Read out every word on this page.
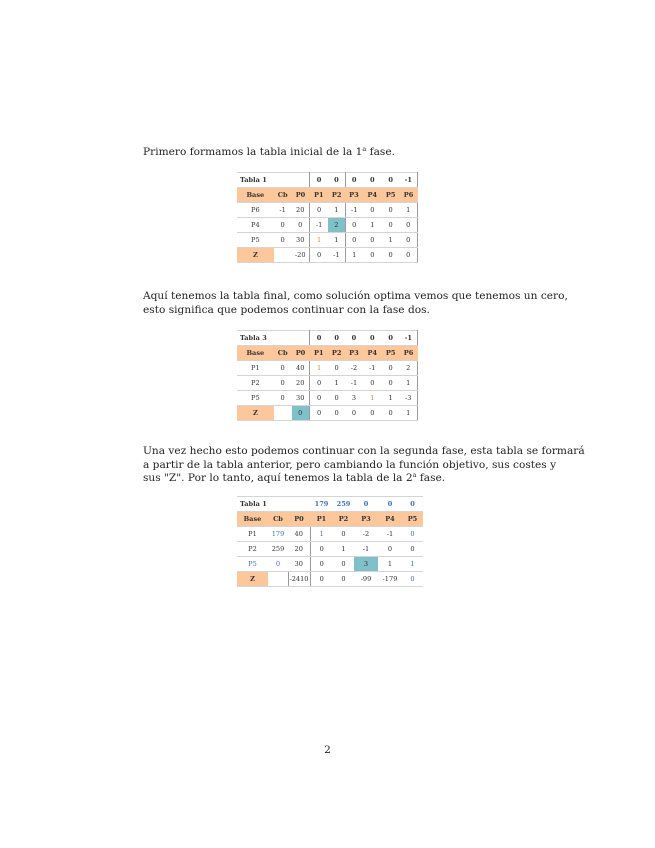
Primero formamos la tabla inicial de la 1$^a$ fase.
Tabla 1			0	0	0	0	0	-1
Base	Cb	P0	P1	P2	P3	P4	P5	P6
P6	-1	20	0	1	-1	0	0	1
P4	0	0	-1	2	0	1	0	0
P5	0	30	1	1	0	0	1	0
Z		-20	0	-1	1	0	0	0
Aquí tenemos la tabla final, como solución optima vemos que tenemos un cero,
esto significa que podemos continuar con la fase dos.
Tabla 3			0	0	0	0	0	-1
Base	Cb	P0	P1	P2	P3	P4	P5	P6
P1	0	40	1	0	-2	-1	0	2
P2	0	20	0	1	-1	0	0	1
P5	0	30	0	0	3	1	1	-3
Z		0	0	0	0	0	0	1
Una vez hecho esto podemos continuar con la segunda fase, esta tabla se formará
a partir de la tabla anterior, pero cambiando la función objetivo, sus costes y
sus "Z". Por lo tanto, aquí tenemos la tabla de la 2$^a$ fase.
Tabla 1			179	259	0	0	0
Base	Cb	P0	P1	P2	P3	P4	P5
P1	179	40	1	0	-2	-1	0
P2	259	20	0	1	-1	0	0
P5	0	30	0	0	3	1	1
Z		-2410	0	0	-99	-179	0
2
